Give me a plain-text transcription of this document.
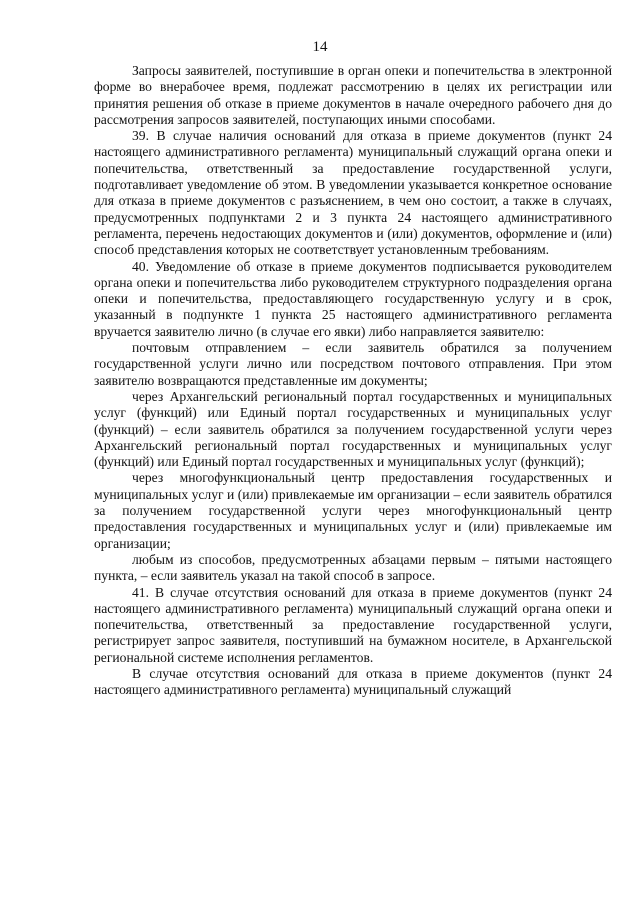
14

Запросы заявителей, поступившие в орган опеки и попечительства в электронной форме во внерабочее время, подлежат рассмотрению в целях их регистрации или принятия решения об отказе в приеме документов в начале очередного рабочего дня до рассмотрения запросов заявителей, поступающих иными способами.

39. В случае наличия оснований для отказа в приеме документов (пункт 24 настоящего административного регламента) муниципальный служащий органа опеки и попечительства, ответственный за предоставление государственной услуги, подготавливает уведомление об этом. В уведомлении указывается конкретное основание для отказа в приеме документов с разъяснением, в чем оно состоит, а также в случаях, предусмотренных подпунктами 2 и 3 пункта 24 настоящего административного регламента, перечень недостающих документов и (или) документов, оформление и (или) способ представления которых не соответствует установленным требованиям.

40. Уведомление об отказе в приеме документов подписывается руководителем органа опеки и попечительства либо руководителем структурного подразделения органа опеки и попечительства, предоставляющего государственную услугу и в срок, указанный в подпункте 1 пункта 25 настоящего административного регламента вручается заявителю лично (в случае его явки) либо направляется заявителю:

почтовым отправлением – если заявитель обратился за получением государственной услуги лично или посредством почтового отправления. При этом заявителю возвращаются представленные им документы;

через Архангельский региональный портал государственных и муниципальных услуг (функций) или Единый портал государственных и муниципальных услуг (функций) – если заявитель обратился за получением государственной услуги через Архангельский региональный портал государственных и муниципальных услуг (функций) или Единый портал государственных и муниципальных услуг (функций);

через многофункциональный центр предоставления государственных и муниципальных услуг и (или) привлекаемые им организации – если заявитель обратился за получением государственной услуги через многофункциональный центр предоставления государственных и муниципальных услуг и (или) привлекаемые им организации;

любым из способов, предусмотренных абзацами первым – пятыми настоящего пункта, – если заявитель указал на такой способ в запросе.

41. В случае отсутствия оснований для отказа в приеме документов (пункт 24 настоящего административного регламента) муниципальный служащий органа опеки и попечительства, ответственный за предоставление государственной услуги, регистрирует запрос заявителя, поступивший на бумажном носителе, в Архангельской региональной системе исполнения регламентов.

В случае отсутствия оснований для отказа в приеме документов (пункт 24 настоящего административного регламента) муниципальный служащий
